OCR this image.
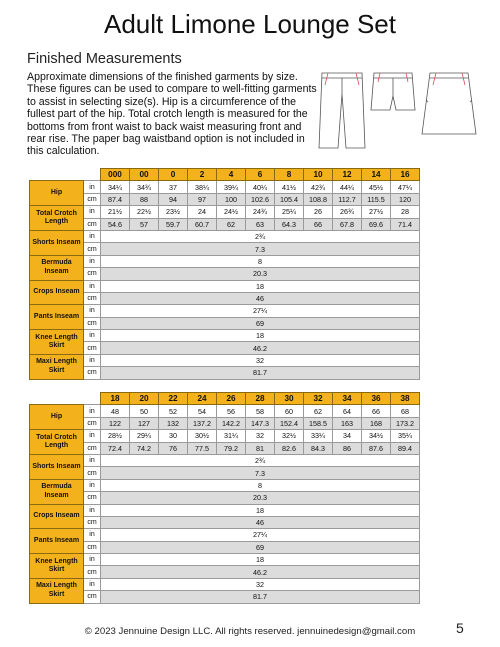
Adult Limone Lounge Set
Finished Measurements
Approximate dimensions of the finished garments by size. These figures can be used to compare to well-fitting garments to assist in selecting size(s). Hip is a circumference of the fullest part of the hip. Total crotch length is measured for the bottoms from front waist to back waist measuring front and rear rise. The paper bag waistband option is not included in this calculation.
		000	00	0	2	4	6	8	10	12	14	16
Hip	in	34¼	34¾	37	38¼	39¼	40¼	41½	42¾	44¼	45½	47¼
	cm	87.4	88	94	97	100	102.6	105.4	108.8	112.7	115.5	120
Total Crotch Length	in	21½	22½	23½	24	24½	24¾	25¼	26	26¾	27½	28
	cm	54.6	57	59.7	60.7	62	63	64.3	66	67.8	69.6	71.4
Shorts Inseam	in	2¾										
	cm	7.3										
Bermuda Inseam	in	8										
	cm	20.3										
Crops Inseam	in	18										
	cm	46										
Pants Inseam	in	27¼										
	cm	69										
Knee Length Skirt	in	18										
	cm	46.2										
Maxi Length Skirt	in	32										
	cm	81.7										
		18	20	22	24	26	28	30	32	34	36	38
Hip	in	48	50	52	54	56	58	60	62	64	66	68
	cm	122	127	132	137.2	142.2	147.3	152.4	158.5	163	168	173.2
Total Crotch Length	in	28½	29¼	30	30½	31¼	32	32½	33¼	34	34½	35¼
	cm	72.4	74.2	76	77.5	79.2	81	82.6	84.3	86	87.6	89.4
Shorts Inseam	in	2¾										
	cm	7.3										
Bermuda Inseam	in	8										
	cm	20.3										
Crops Inseam	in	18										
	cm	46										
Pants Inseam	in	27¼										
	cm	69										
Knee Length Skirt	in	18										
	cm	46.2										
Maxi Length Skirt	in	32										
	cm	81.7										
© 2023 Jennuine Design LLC. All rights reserved. jennuinedesign@gmail.com	5
